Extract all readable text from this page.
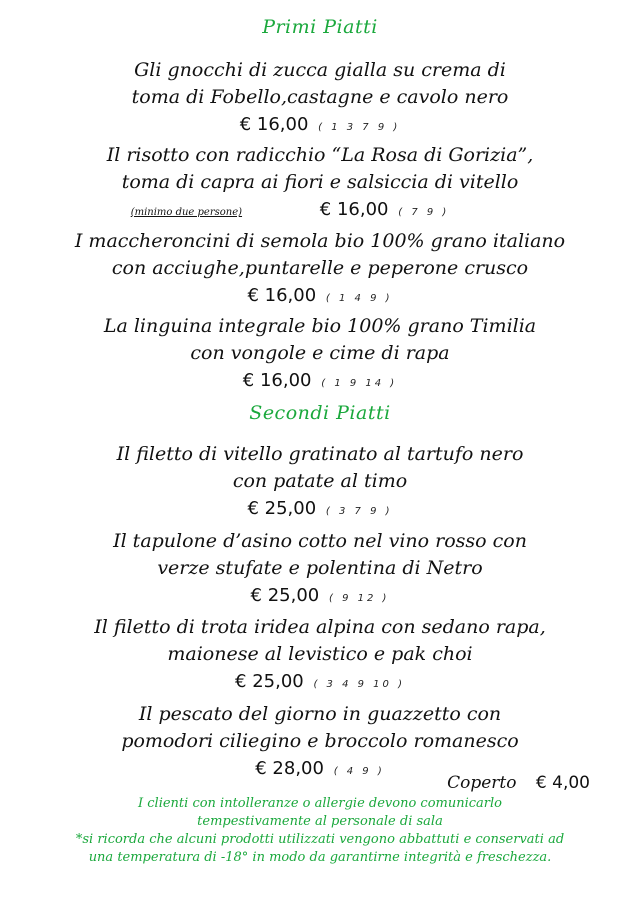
Primi Piatti
Gli gnocchi di zucca gialla su crema di
toma di Fobello,castagne e cavolo nero
€ 16,00 ( 1 3 7 9 )
Il risotto con radicchio “La Rosa di Gorizia”,
toma di capra ai fiori e salsiccia di vitello
(minimo due persone)	€ 16,00 ( 7 9 )
I maccheroncini di semola bio 100% grano italiano
con acciughe,puntarelle e peperone crusco
€ 16,00 ( 1 4 9 )
La linguina integrale bio 100% grano Timilia
con vongole e cime di rapa
€ 16,00 ( 1 9 14 )
Secondi Piatti
Il filetto di vitello gratinato al tartufo nero
con patate al timo
€ 25,00 ( 3 7 9 )
Il tapulone d’asino cotto nel vino rosso con
verze stufate e polentina di Netro
€ 25,00 ( 9 12 )
Il filetto di trota iridea alpina con sedano rapa,
maionese al levistico e pak choi
€ 25,00 ( 3 4 9 10 )
Il pescato del giorno in guazzetto con
pomodori ciliegino e broccolo romanesco
€ 28,00 ( 4 9 )
Coperto € 4,00
I clienti con intolleranze o allergie devono comunicarlo
tempestivamente al personale di sala
*si ricorda che alcuni prodotti utilizzati vengono abbattuti e conservati ad
una temperatura di -18° in modo da garantirne integrità e freschezza.
